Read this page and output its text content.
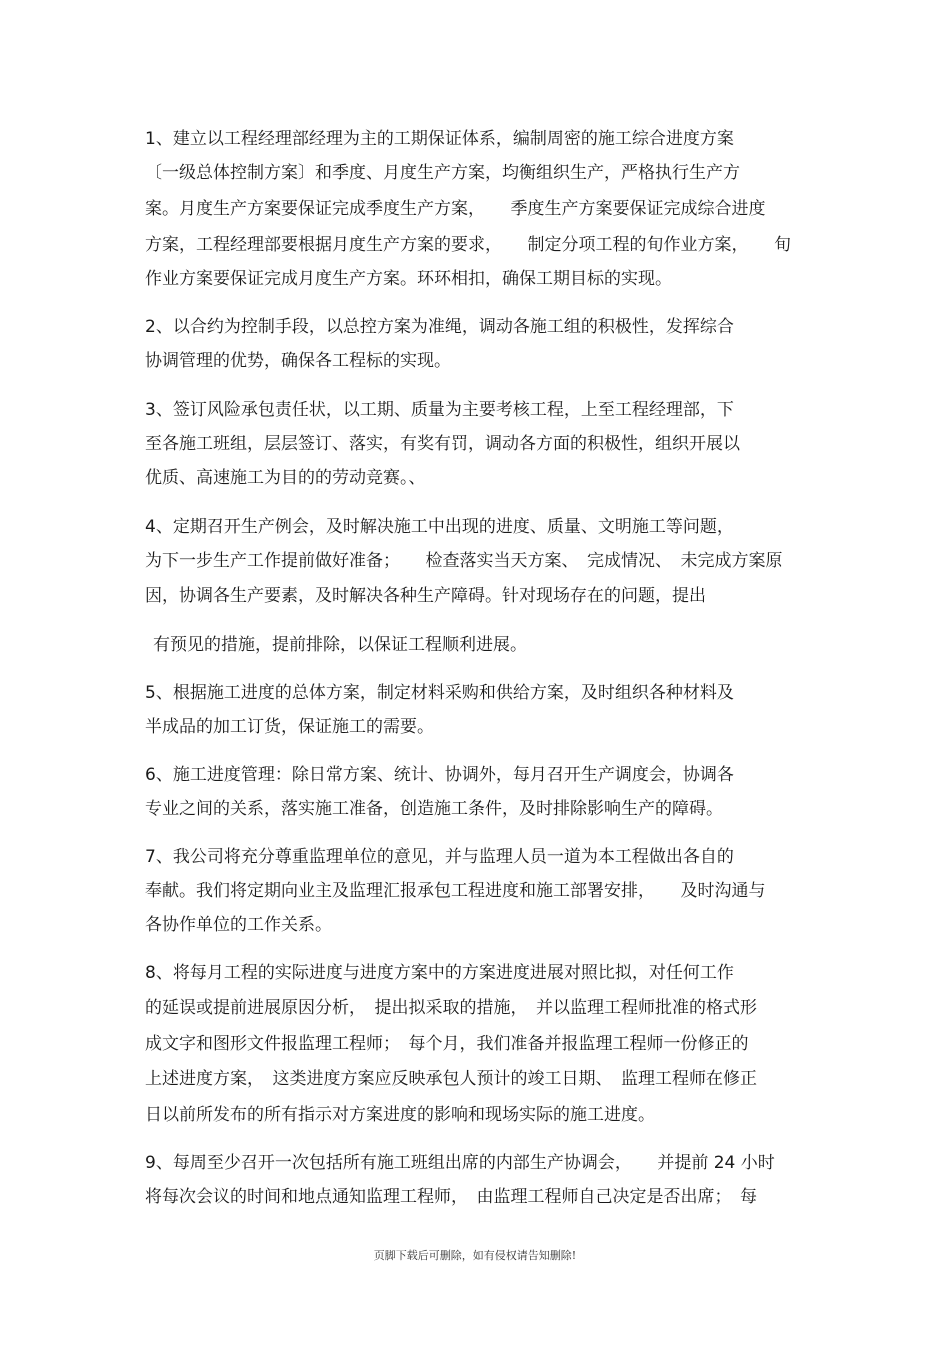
1、建立以工程经理部经理为主的工期保证体系，编制周密的施工综合进度方案
〔一级总体控制方案〕和季度、月度生产方案，均衡组织生产，严格执行生产方
案。月度生产方案要保证完成季度生产方案，　　季度生产方案要保证完成综合进度
方案，工程经理部要根据月度生产方案的要求，　　制定分项工程的旬作业方案，　　旬
作业方案要保证完成月度生产方案。环环相扣，确保工期目标的实现。
2、以合约为控制手段，以总控方案为准绳，调动各施工组的积极性，发挥综合
协调管理的优势，确保各工程标的实现。
3、签订风险承包责任状，以工期、质量为主要考核工程，上至工程经理部，下
至各施工班组，层层签订、落实，有奖有罚，调动各方面的积极性，组织开展以
优质、高速施工为目的的劳动竞赛。、
4、定期召开生产例会，及时解决施工中出现的进度、质量、文明施工等问题，
为下一步生产工作提前做好准备；　　检查落实当天方案、　完成情况、　未完成方案原
因，协调各生产要素，及时解决各种生产障碍。针对现场存在的问题，提出
有预见的措施，提前排除，以保证工程顺利进展。
5、根据施工进度的总体方案，制定材料采购和供给方案，及时组织各种材料及
半成品的加工订货，保证施工的需要。
6、施工进度管理：除日常方案、统计、协调外，每月召开生产调度会，协调各
专业之间的关系，落实施工准备，创造施工条件，及时排除影响生产的障碍。
7、我公司将充分尊重监理单位的意见，并与监理人员一道为本工程做出各自的
奉献。我们将定期向业主及监理汇报承包工程进度和施工部署安排，　　及时沟通与
各协作单位的工作关系。
8、将每月工程的实际进度与进度方案中的方案进度进展对照比拟，对任何工作
的延误或提前进展原因分析，　提出拟采取的措施，　并以监理工程师批准的格式形
成文字和图形文件报监理工程师；　每个月，我们准备并报监理工程师一份修正的
上述进度方案，　这类进度方案应反映承包人预计的竣工日期、　监理工程师在修正
日以前所发布的所有指示对方案进度的影响和现场实际的施工进度。
9、每周至少召开一次包括所有施工班组出席的内部生产协调会，　　并提前 24 小时
将每次会议的时间和地点通知监理工程师，　由监理工程师自己决定是否出席；　每
页脚下载后可删除，如有侵权请告知删除!
